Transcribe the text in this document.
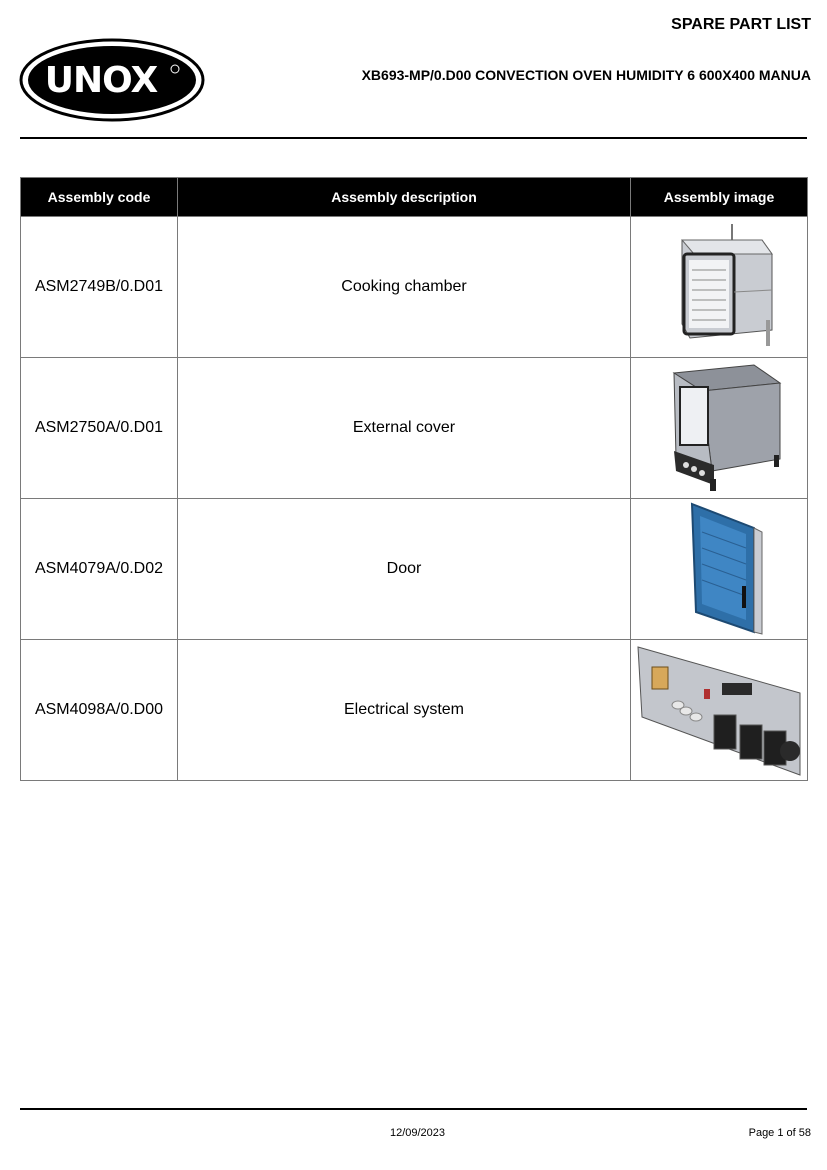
UNOX
SPARE PART LIST
XB693-MP/0.D00 CONVECTION OVEN HUMIDITY 6 600X400 MANUA
Assembly code	Assembly description	Assembly image
ASM2749B/0.D01	Cooking chamber	

ASM2750A/0.D01	External cover	

ASM4079A/0.D02	Door	

ASM4098A/0.D00	Electrical system	
12/09/2023	Page 1 of 58
